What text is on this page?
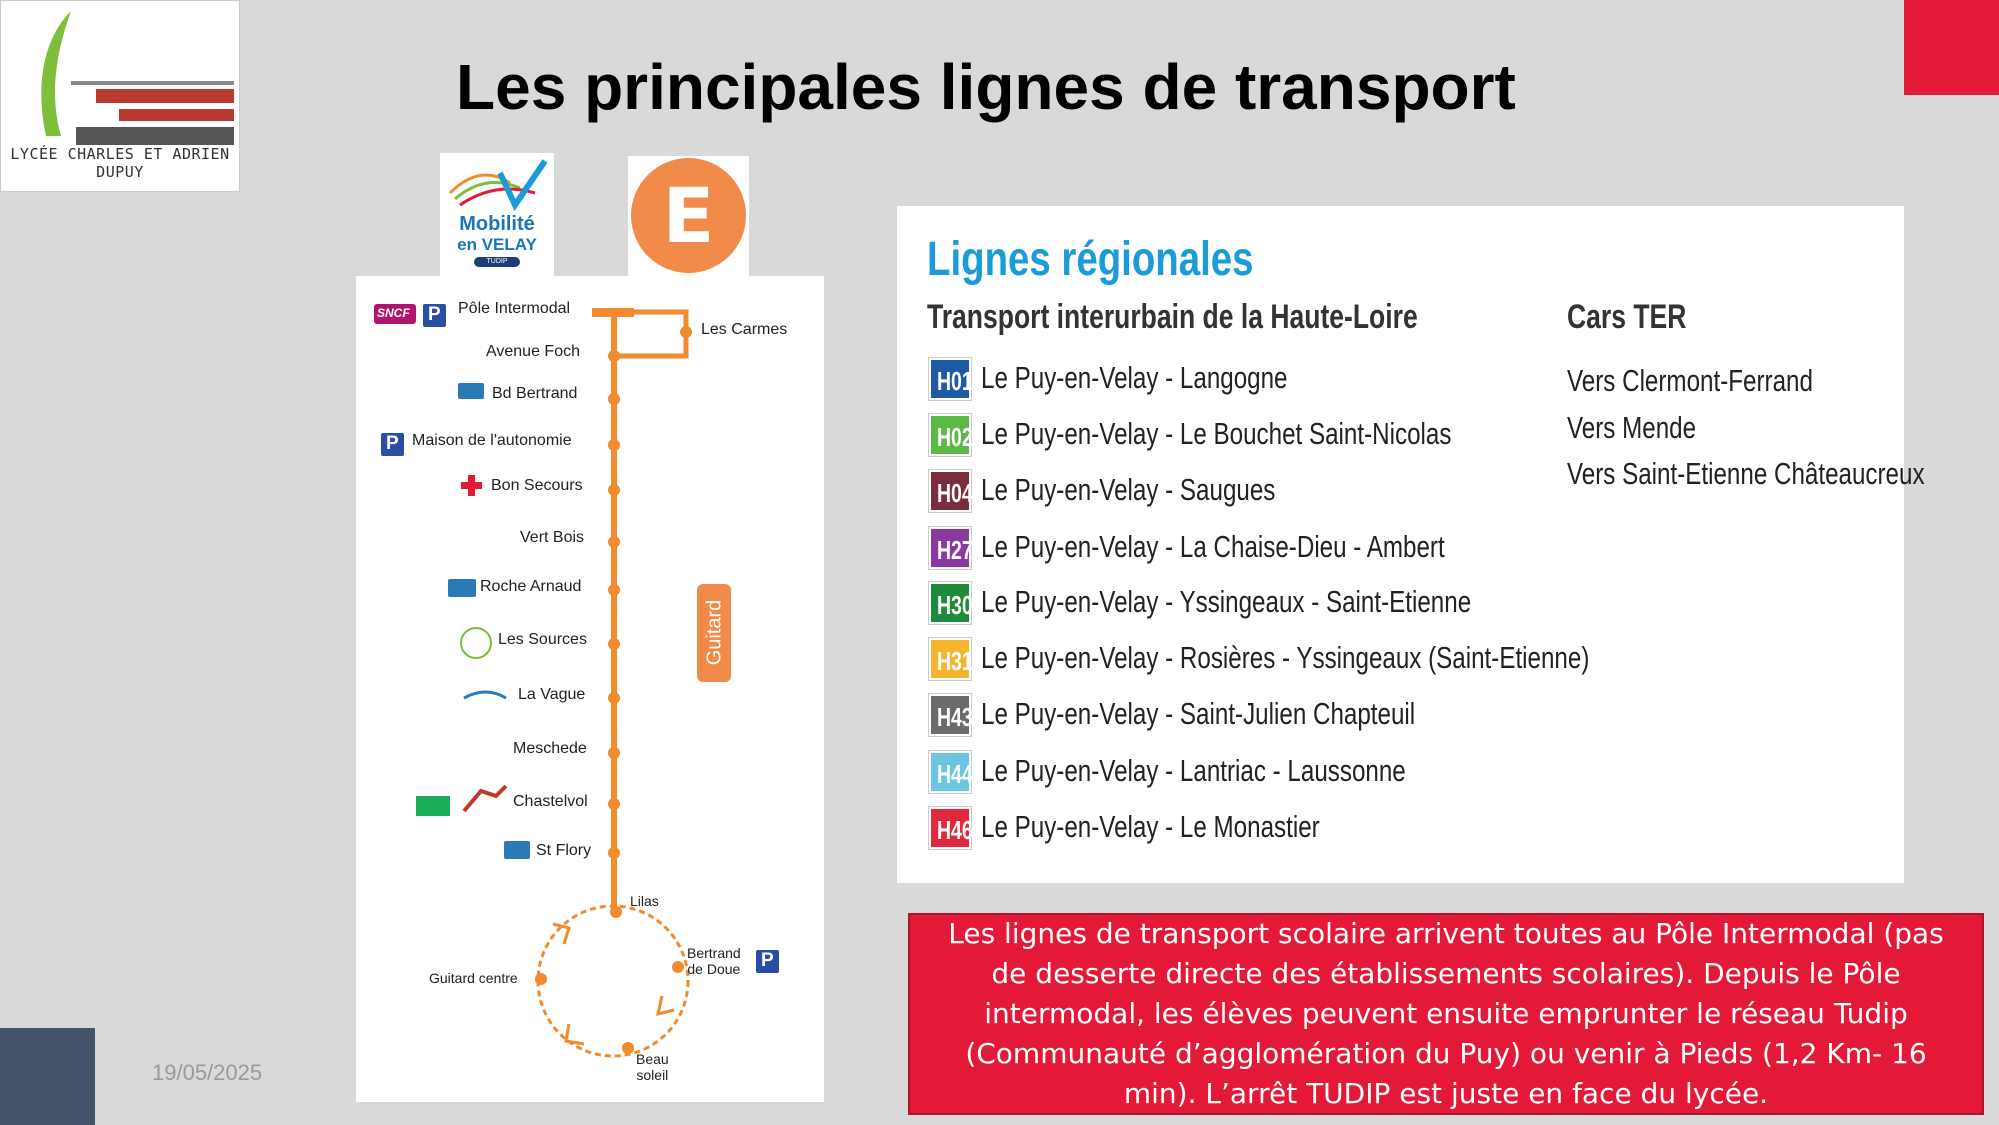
LYCÉE CHARLES ET ADRIEN DUPUY
Les principales lignes de transport
19/05/2025
Mobilité
en VELAY
TUDIP
E
SNCF P
P
P
Pôle Intermodal
Les Carmes
Avenue Foch
Bd Bertrand
Maison de l'autonomie
Bon Secours
Vert Bois
Roche Arnaud
Les Sources
La Vague
Meschede
Chastelvol
St Flory
Lilas
Guitard centre
Bertrand
de Doue
Beau
soleil
Guitard
Lignes régionales
Transport interurbain de la Haute-Loire	Cars TER
H01 Le Puy-en-Velay - Langogne
H02 Le Puy-en-Velay - Le Bouchet Saint-Nicolas
H04 Le Puy-en-Velay - Saugues
H27 Le Puy-en-Velay - La Chaise-Dieu - Ambert
H30 Le Puy-en-Velay - Yssingeaux - Saint-Etienne
H31 Le Puy-en-Velay - Rosières - Yssingeaux (Saint-Etienne)
H43 Le Puy-en-Velay - Saint-Julien Chapteuil
H44 Le Puy-en-Velay - Lantriac - Laussonne
H46 Le Puy-en-Velay - Le Monastier
Vers Clermont-Ferrand
Vers Mende
Vers Saint-Etienne Châteaucreux
Les lignes de transport scolaire arrivent toutes au Pôle Intermodal (pas de desserte directe des établissements scolaires). Depuis le Pôle intermodal, les élèves peuvent ensuite emprunter le réseau Tudip (Communauté d’agglomération du Puy) ou venir à Pieds (1,2 Km- 16 min). L’arrêt TUDIP est juste en face du lycée.
